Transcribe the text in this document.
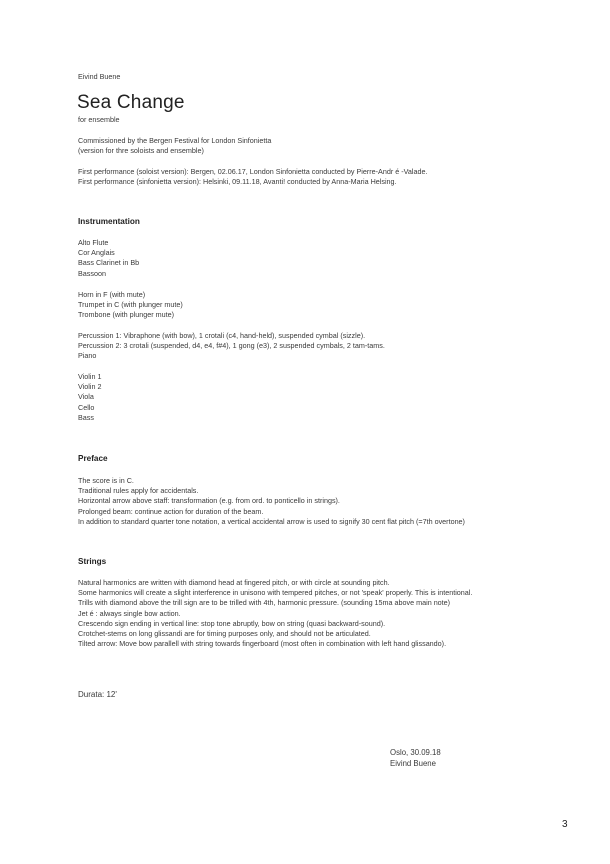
Eivind Buene
Sea Change
for ensemble
Commissioned by the Bergen Festival for London Sinfonietta
(version for thre soloists and ensemble)
First performance (soloist version): Bergen, 02.06.17, London Sinfonietta conducted by Pierre-Andr é -Valade.
First performance (sinfonietta version): Helsinki, 09.11.18, Avanti! conducted by Anna-Maria Helsing.
Instrumentation
Alto Flute
Cor Anglais
Bass Clarinet in Bb
Bassoon
Horn in F (with mute)
Trumpet in C (with plunger mute)
Trombone (with plunger mute)
Percussion 1: Vibraphone (with bow), 1 crotali (c4, hand-held), suspended cymbal (sizzle).
Percussion 2: 3 crotali (suspended, d4, e4, f#4), 1 gong (e3), 2 suspended cymbals, 2 tam-tams.
Piano
Violin 1
Violin 2
Viola
Cello
Bass
Preface
The score is in C.
Traditional rules apply for accidentals.
Horizontal arrow above staff: transformation (e.g. from ord. to ponticello in strings).
Prolonged beam: continue action for duration of the beam.
In addition to standard quarter tone notation, a vertical accidental arrow is used to signify 30 cent flat pitch (=7th overtone)
Strings
Natural harmonics are written with diamond head at fingered pitch, or with circle at sounding pitch.
Some harmonics will create a slight interference in unisono with tempered pitches, or not 'speak' properly. This is intentional.
Trills with diamond above the trill sign are to be trilled with 4th, harmonic pressure. (sounding 15ma above main note)
Jet é : always single bow action.
Crescendo sign ending in vertical line: stop tone abruptly, bow on string (quasi backward-sound).
Crotchet-stems on long glissandi are for timing purposes only, and should not be articulated.
Tilted arrow: Move bow parallell with string towards fingerboard (most often in combination with left hand glissando).
Durata: 12'
Oslo, 30.09.18
Eivind Buene
3
